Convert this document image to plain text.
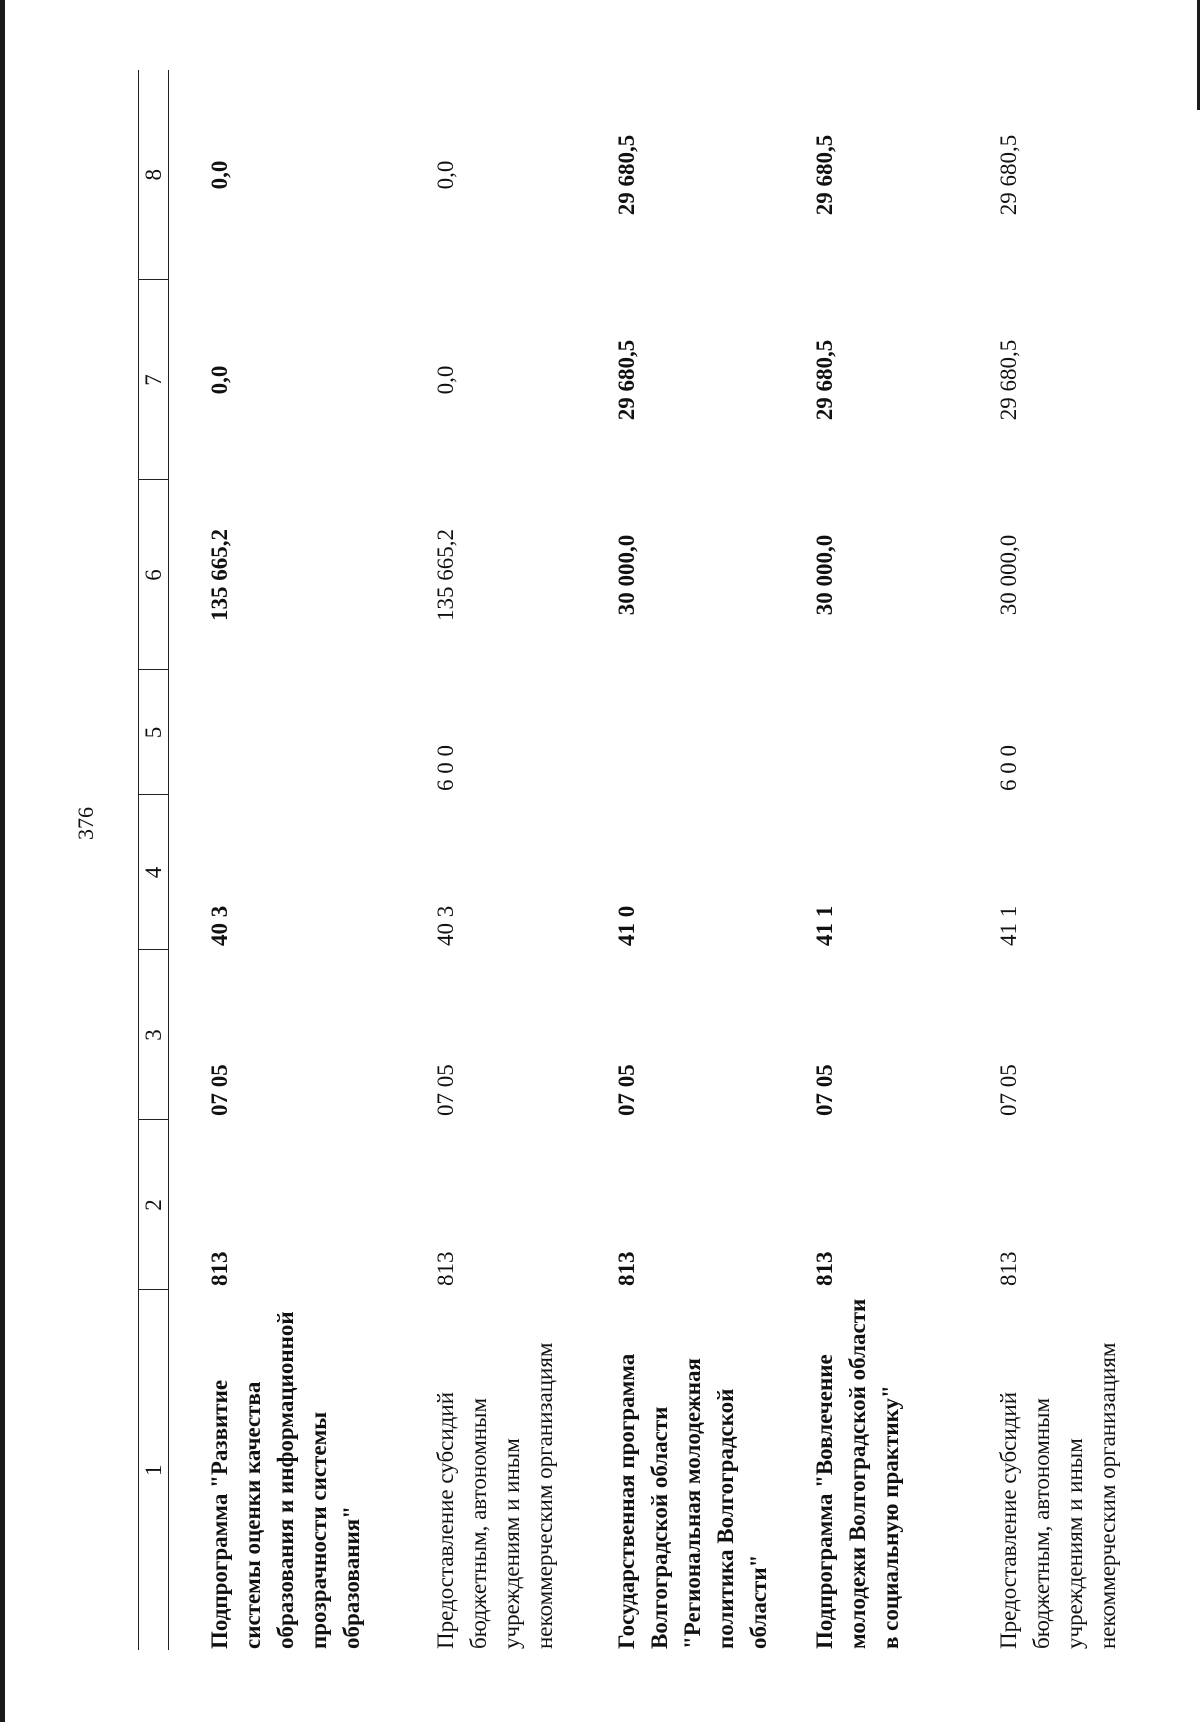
376
1	2	3	4	5	6	7	8
Подпрограмма "Развитие системы оценки качества образования и информационной прозрачности системы образования"	813	07 05	40 3		135 665,2	0,0	0,0
Предоставление субсидий бюджетным, автономным учреждениям и иным некоммерческим организациям	813	07 05	40 3	6 0 0	135 665,2	0,0	0,0
Государственная программа Волгоградской области "Региональная молодежная политика Волгоградской области"	813	07 05	41 0		30 000,0	29 680,5	29 680,5
Подпрограмма "Вовлечение молодежи Волгоградской области в социальную практику"	813	07 05	41 1		30 000,0	29 680,5	29 680,5
Предоставление субсидий бюджетным, автономным учреждениям и иным некоммерческим организациям	813	07 05	41 1	6 0 0	30 000,0	29 680,5	29 680,5
